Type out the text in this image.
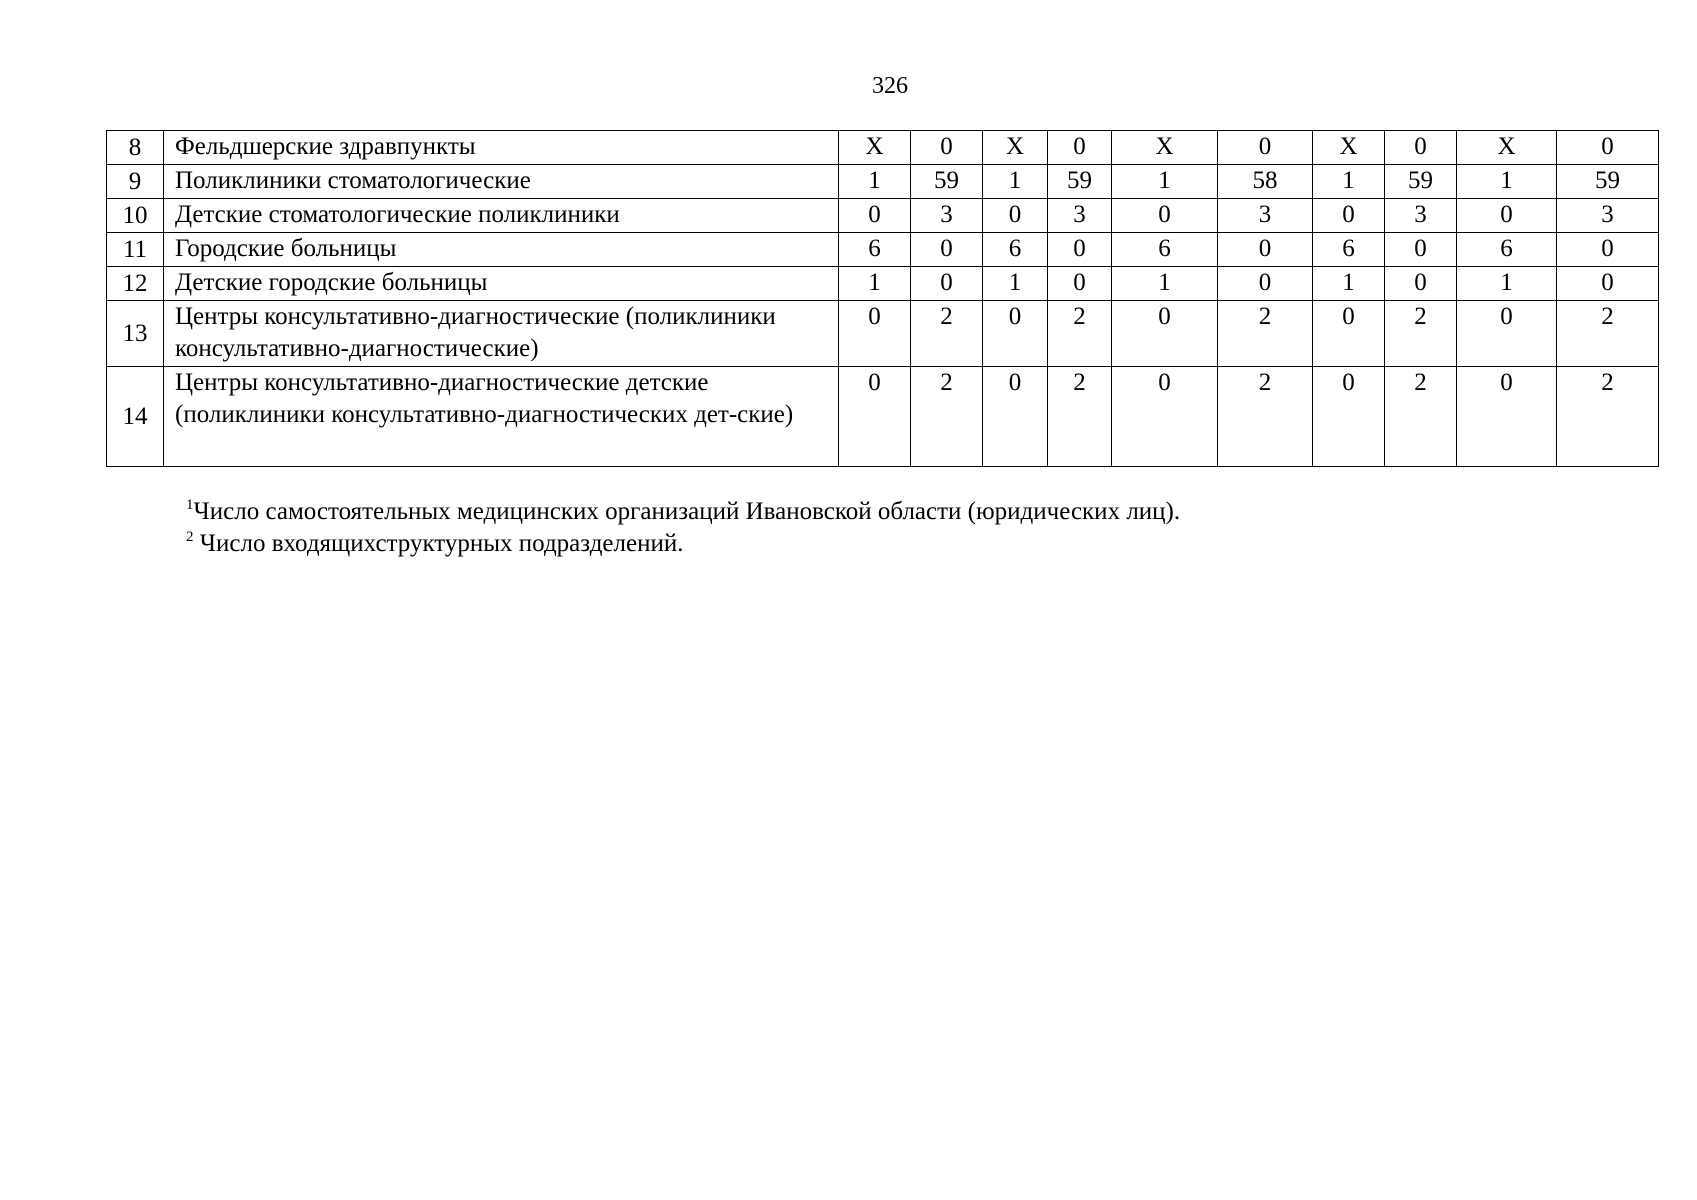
326
8	Фельдшерские здравпункты	X	0	X	0	X	0	X	0	X	0
9	Поликлиники стоматологические	1	59	1	59	1	58	1	59	1	59
10	Детские стоматологические поликлиники	0	3	0	3	0	3	0	3	0	3
11	Городские больницы	6	0	6	0	6	0	6	0	6	0
12	Детские городские больницы	1	0	1	0	1	0	1	0	1	0
13	Центры консультативно-диагностические (поликлиники консультативно-диагностические)	0	2	0	2	0	2	0	2	0	2
14	Центры консультативно-диагностические детские (поликлиники консультативно-диагностических дет-ские)	0	2	0	2	0	2	0	2	0	2
$^1$Число самостоятельных медицинских организаций Ивановской области (юридических лиц).
$^2$ Число входящихструктурных подразделений.
